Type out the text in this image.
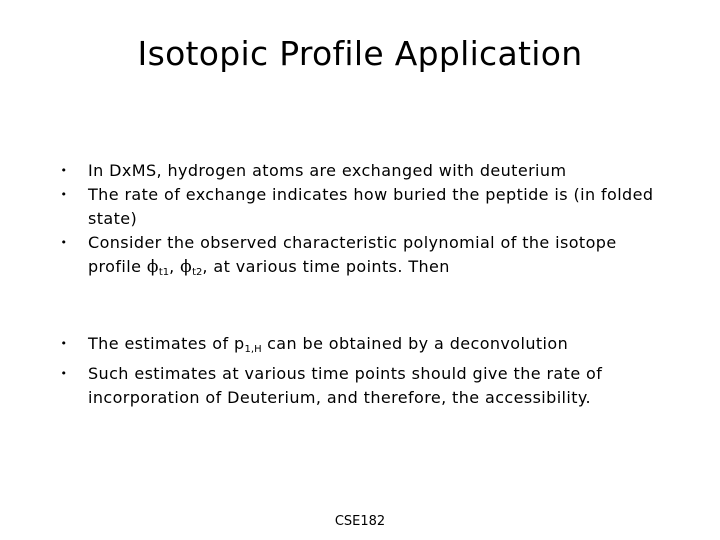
Isotopic Profile Application
• In DxMS, hydrogen atoms are exchanged with deuterium
• The rate of exchange indicates how buried the peptide is (in folded state)
• Consider the observed characteristic polynomial of the isotope profile $\phi_{t1}$, $\phi_{t2}$, at various time points. Then
• The estimates of $p_{1,H}$ can be obtained by a deconvolution
• Such estimates at various time points should give the rate of incorporation of Deuterium, and therefore, the accessibility.
CSE182
